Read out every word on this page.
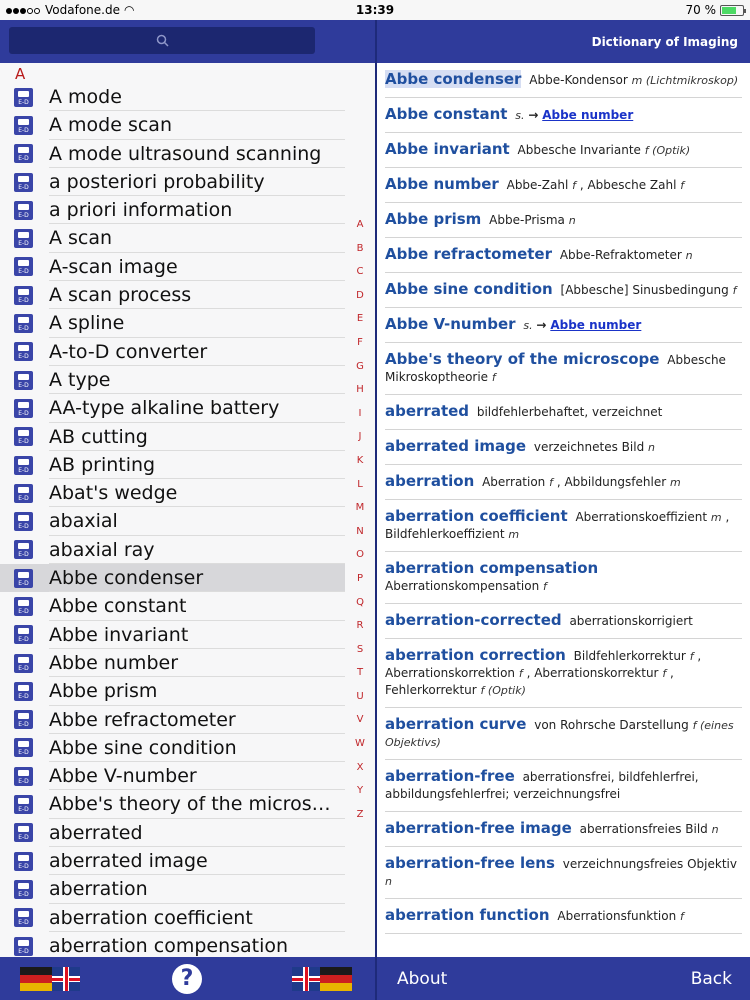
Vodafone.de ◠	13:39	70 %
Dictionary of Imaging
A
E-D A mode
E-D A mode scan
E-D A mode ultrasound scanning
E-D a posteriori probability
E-D a priori information
E-D A scan
E-D A-scan image
E-D A scan process
E-D A spline
E-D A-to-D converter
E-D A type
E-D AA-type alkaline battery
E-D AB cutting
E-D AB printing
E-D Abat's wedge
E-D abaxial
E-D abaxial ray
E-D Abbe condenser
E-D Abbe constant
E-D Abbe invariant
E-D Abbe number
E-D Abbe prism
E-D Abbe refractometer
E-D Abbe sine condition
E-D Abbe V-number
E-D Abbe's theory of the micros…
E-D aberrated
E-D aberrated image
E-D aberration
E-D aberration coefficient
E-D aberration compensation
A
B
C
D
E
F
G
H
I
J
K
L
M
N
O
P
Q
R
S
T
U
V
W
X
Y
Z
?
Abbe condenser Abbe-Kondensor m (Lichtmikroskop)
Abbe constant s. → Abbe number
Abbe invariant Abbesche Invariante f (Optik)
Abbe number Abbe-Zahl f , Abbesche Zahl f
Abbe prism Abbe-Prisma n
Abbe refractometer Abbe-Refraktometer n
Abbe sine condition [Abbesche] Sinusbedingung f
Abbe V-number s. → Abbe number
Abbe's theory of the microscope Abbesche Mikroskoptheorie f
aberrated bildfehlerbehaftet, verzeichnet
aberrated image verzeichnetes Bild n
aberration Aberration f , Abbildungsfehler m
aberration coefficient Aberrationskoeffizient m , Bildfehlerkoeffizient m
aberration compensation Aberrationskompensation f
aberration-corrected aberrationskorrigiert
aberration correction Bildfehlerkorrektur f , Aberrationskorrektion f , Aberrationskorrektur f , Fehlerkorrektur f (Optik)
aberration curve von Rohrsche Darstellung f (eines Objektivs)
aberration-free aberrationsfrei, bildfehlerfrei, abbildungsfehlerfrei; verzeichnungsfrei
aberration-free image aberrationsfreies Bild n
aberration-free lens verzeichnungsfreies Objektiv n
aberration function Aberrationsfunktion f
About	Back
